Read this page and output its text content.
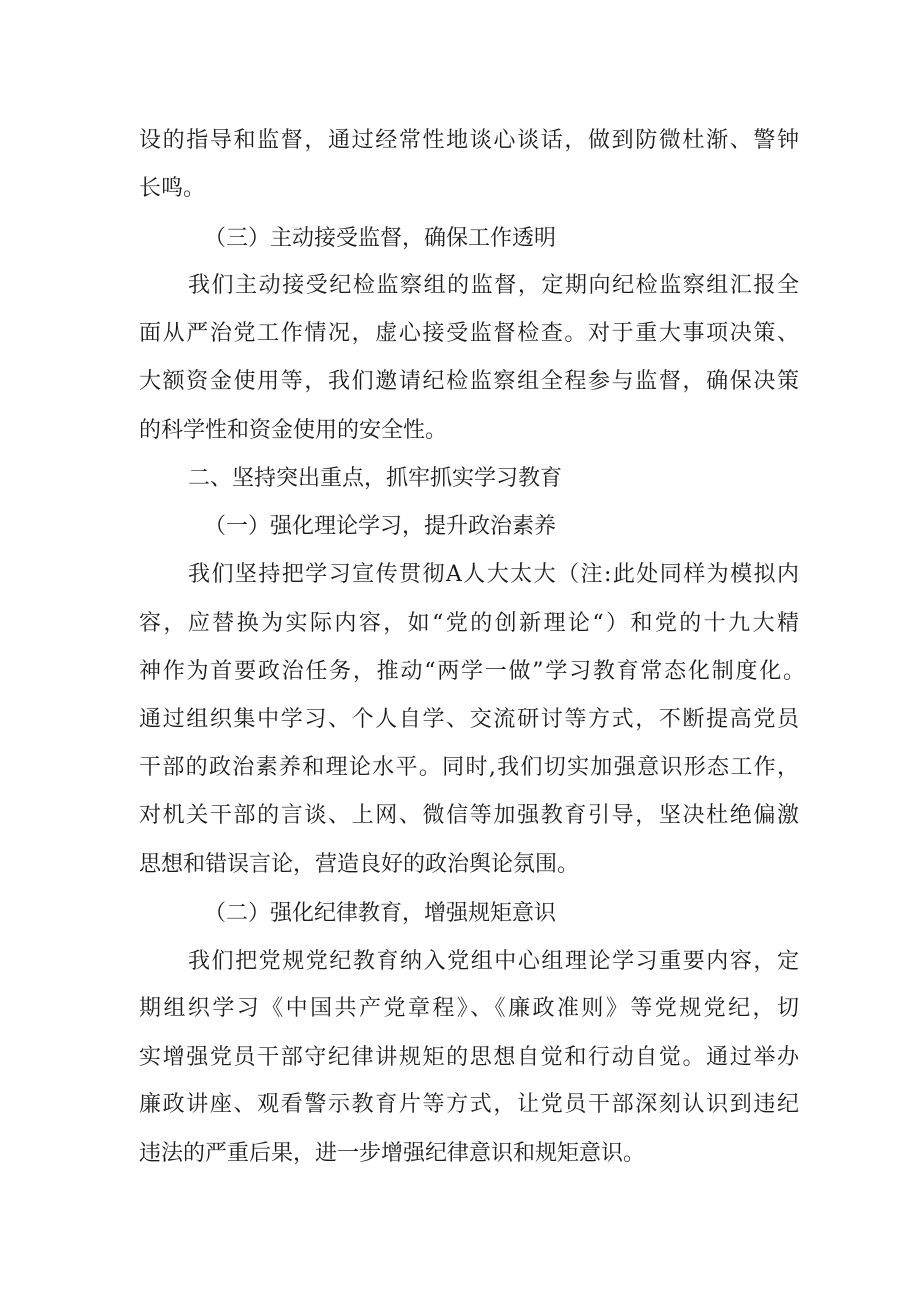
设的指导和监督，通过经常性地谈心谈话，做到防微杜渐、警钟
长鸣。
（三）主动接受监督，确保工作透明
我们主动接受纪检监察组的监督，定期向纪检监察组汇报全
面从严治党工作情况，虚心接受监督检查。对于重大事项决策、
大额资金使用等，我们邀请纪检监察组全程参与监督，确保决策
的科学性和资金使用的安全性。
二、坚持突出重点，抓牢抓实学习教育
（一）强化理论学习，提升政治素养
我们坚持把学习宣传贯彻A人大太大（注:此处同样为模拟内
容，应替换为实际内容，如“党的创新理论“）和党的十九大精
神作为首要政治任务，推动“两学一做”学习教育常态化制度化。
通过组织集中学习、个人自学、交流研讨等方式，不断提高党员
干部的政治素养和理论水平。同时,我们切实加强意识形态工作，
对机关干部的言谈、上网、微信等加强教育引导，坚决杜绝偏激
思想和错误言论，营造良好的政治舆论氛围。
（二）强化纪律教育，增强规矩意识
我们把党规党纪教育纳入党组中心组理论学习重要内容，定
期组织学习《中国共产党章程》、《廉政准则》等党规党纪，切
实增强党员干部守纪律讲规矩的思想自觉和行动自觉。通过举办
廉政讲座、观看警示教育片等方式，让党员干部深刻认识到违纪
违法的严重后果，进一步增强纪律意识和规矩意识。
